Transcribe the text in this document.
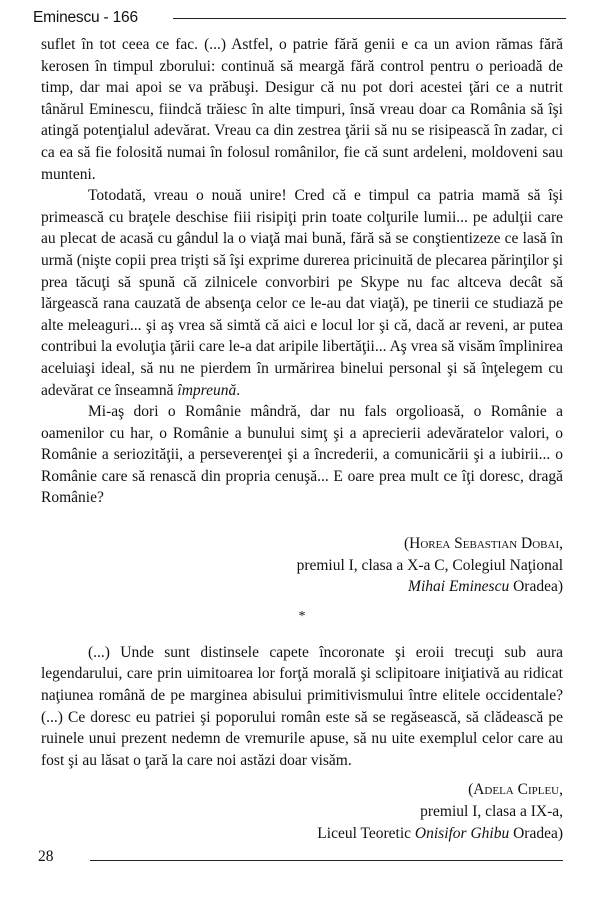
Eminescu - 166

suflet în tot ceea ce fac. (...) Astfel, o patrie fără genii e ca un avion rămas fără kerosen în timpul zborului: continuă să meargă fără control pentru o perioadă de timp, dar mai apoi se va prăbuşi. Desigur că nu pot dori acestei ţări ce a nutrit tânărul Eminescu, fiindcă trăiesc în alte timpuri, însă vreau doar ca România să îşi atingă potenţialul adevărat. Vreau ca din zestrea ţării să nu se risipească în zadar, ci ca ea să fie folosită numai în folosul românilor, fie că sunt ardeleni, moldoveni sau munteni.

Totodată, vreau o nouă unire! Cred că e timpul ca patria mamă să îşi primească cu braţele deschise fiii risipiţi prin toate colţurile lumii... pe adulţii care au plecat de acasă cu gândul la o viaţă mai bună, fără să se conştientizeze ce lasă în urmă (nişte copii prea trişti să îşi exprime durerea pricinuită de plecarea părinţilor şi prea tăcuţi să spună că zilnicele convorbiri pe Skype nu fac altceva decât să lărgească rana cauzată de absenţa celor ce le-au dat viaţă), pe tinerii ce studiază pe alte meleaguri... şi aş vrea să simtă că aici e locul lor şi că, dacă ar reveni, ar putea contribui la evoluţia ţării care le-a dat aripile libertăţii... Aş vrea să visăm împlinirea aceluiaşi ideal, să nu ne pierdem în urmărirea binelui personal şi să înţelegem cu adevărat ce înseamnă împreună.

Mi-aş dori o Românie mândră, dar nu fals orgolioasă, o Românie a oamenilor cu har, o Românie a bunului simţ şi a aprecierii adevăratelor valori, o Românie a seriozităţii, a perseverenţei şi a încrederii, a comunicării şi a iubirii... o Românie care să renască din propria cenuşă... E oare prea mult ce îţi doresc, dragă Românie?

(Horea Sebastian Dobai,

premiul I, clasa a X-a C, Colegiul Naţional

Mihai Eminescu Oradea)

*

(...) Unde sunt distinsele capete încoronate şi eroii trecuţi sub aura legendarului, care prin uimitoarea lor forţă morală şi sclipitoare iniţiativă au ridicat naţiunea română de pe marginea abisului primitivismului între elitele occidentale? (...) Ce doresc eu patriei şi poporului român este să se regăsească, să clădească pe ruinele unui prezent nedemn de vremurile apuse, să nu uite exemplul celor care au fost şi au lăsat o ţară la care noi astăzi doar visăm.

(Adela Cipleu,

premiul I, clasa a IX-a,

Liceul Teoretic Onisifor Ghibu Oradea)

28
